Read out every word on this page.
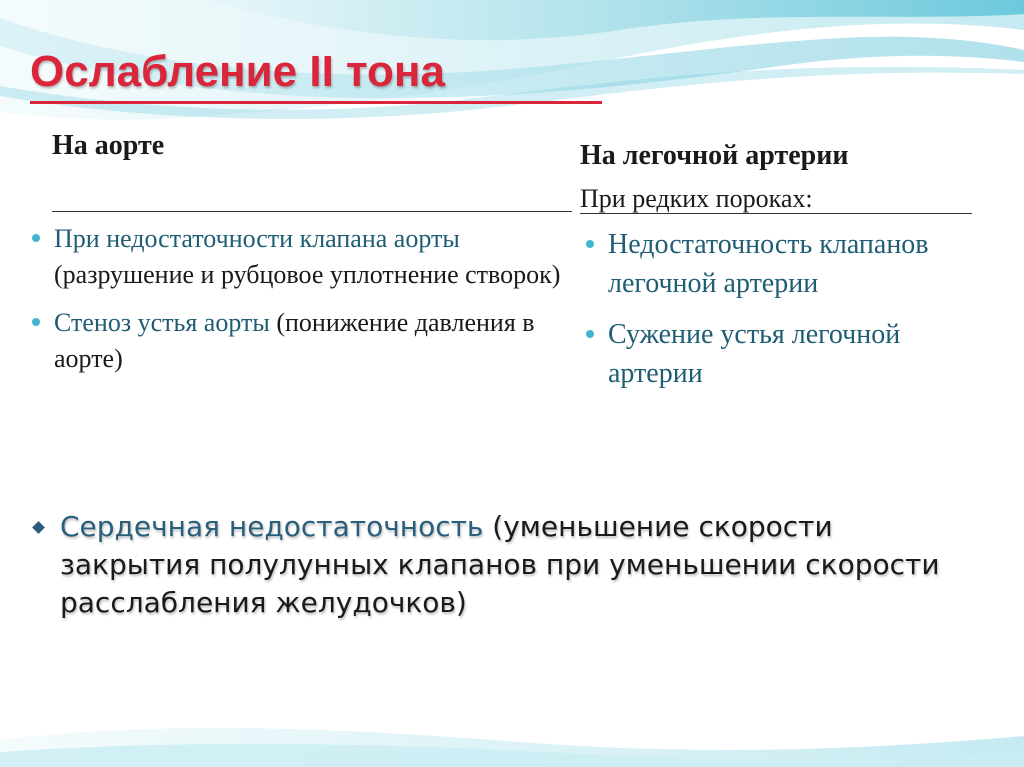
Ослабление II тона
На аорте	На легочной артерии

При редких пороках:

При недостаточности клапана аорты (разрушение и рубцовое уплотнение створок)
Стеноз устья аорты (понижение давления в аорте)
Недостаточность клапанов легочной артерии
Сужение устья легочной артерии

Сердечная недостаточность (уменьшение скорости закрытия полулунных клапанов при уменьшении скорости расслабления желудочков)
